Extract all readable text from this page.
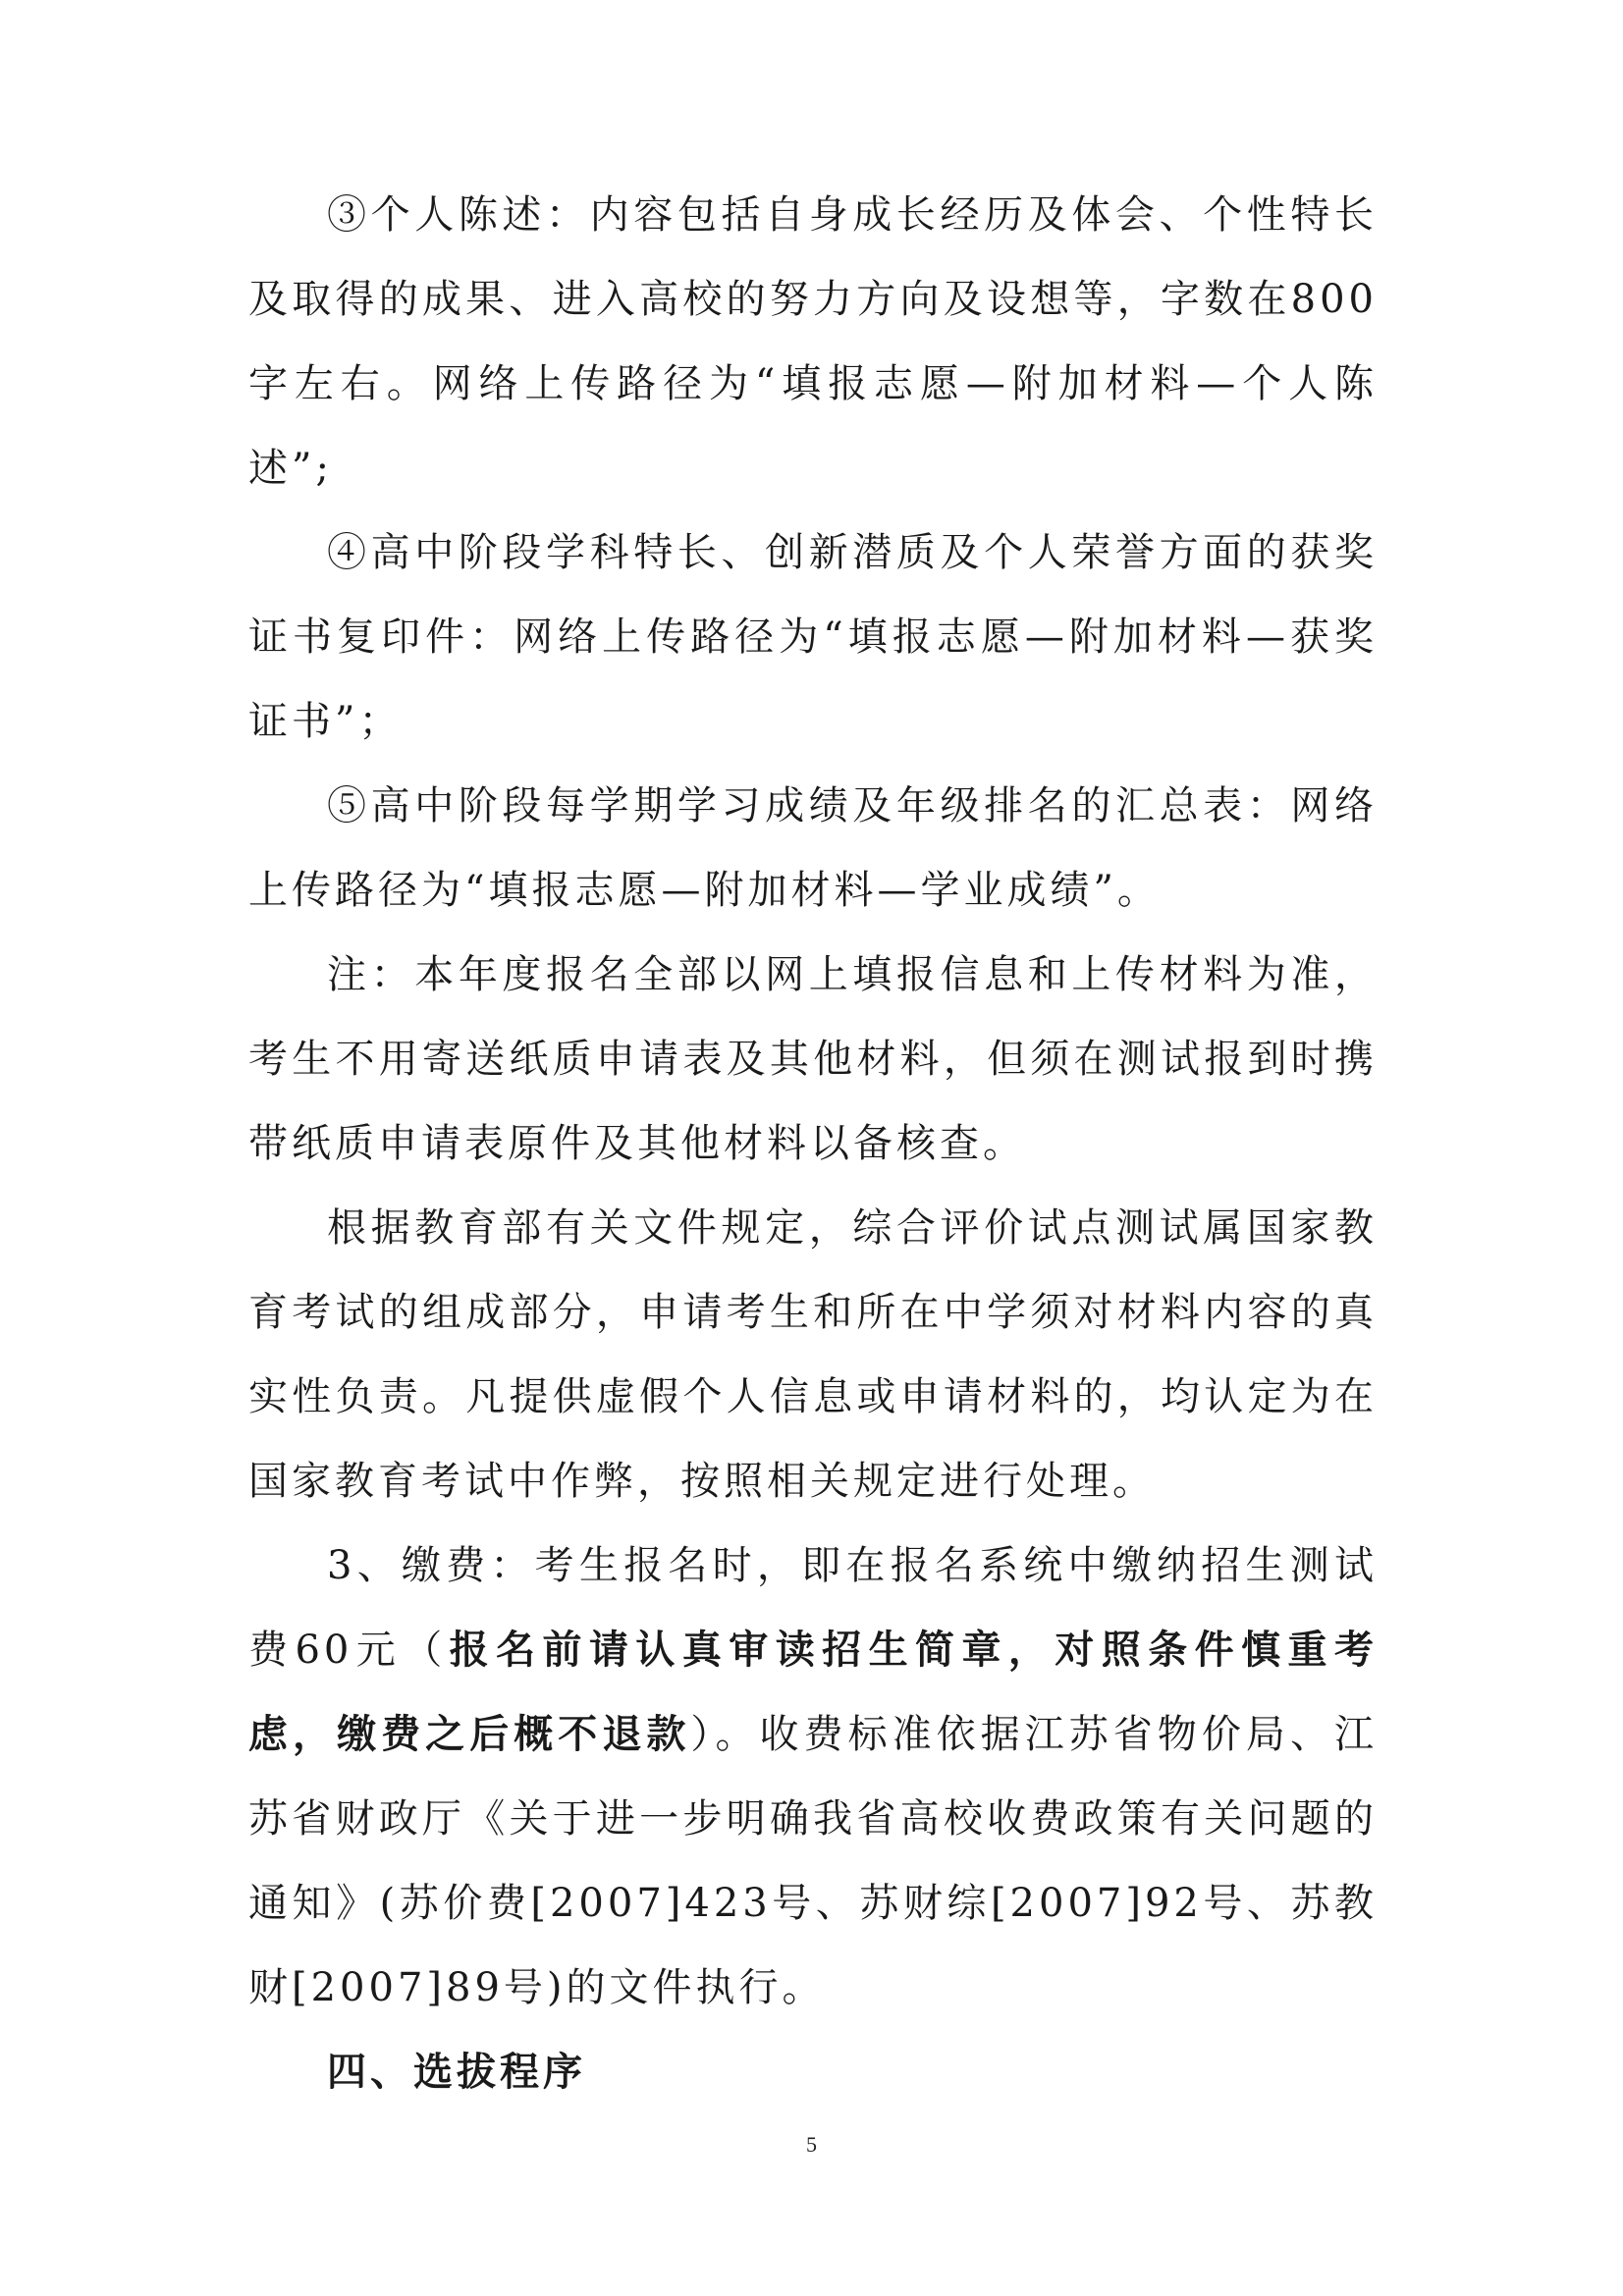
③个人陈述：内容包括自身成长经历及体会、个性特长及取得的成果、进入高校的努力方向及设想等，字数在800字左右。网络上传路径为“填报志愿—附加材料—个人陈述”;

④高中阶段学科特长、创新潜质及个人荣誉方面的获奖证书复印件：网络上传路径为“填报志愿—附加材料—获奖证书”；

⑤高中阶段每学期学习成绩及年级排名的汇总表：网络上传路径为“填报志愿—附加材料—学业成绩”。

注：本年度报名全部以网上填报信息和上传材料为准，考生不用寄送纸质申请表及其他材料，但须在测试报到时携带纸质申请表原件及其他材料以备核查。

根据教育部有关文件规定，综合评价试点测试属国家教育考试的组成部分，申请考生和所在中学须对材料内容的真实性负责。凡提供虚假个人信息或申请材料的，均认定为在国家教育考试中作弊，按照相关规定进行处理。

3、缴费：考生报名时，即在报名系统中缴纳招生测试费60元（报名前请认真审读招生简章，对照条件慎重考虑，缴费之后概不退款）。收费标准依据江苏省物价局、江苏省财政厅《关于进一步明确我省高校收费政策有关问题的通知》(苏价费[2007]423号、苏财综[2007]92号、苏教财[2007]89号)的文件执行。

四、选拔程序

5
